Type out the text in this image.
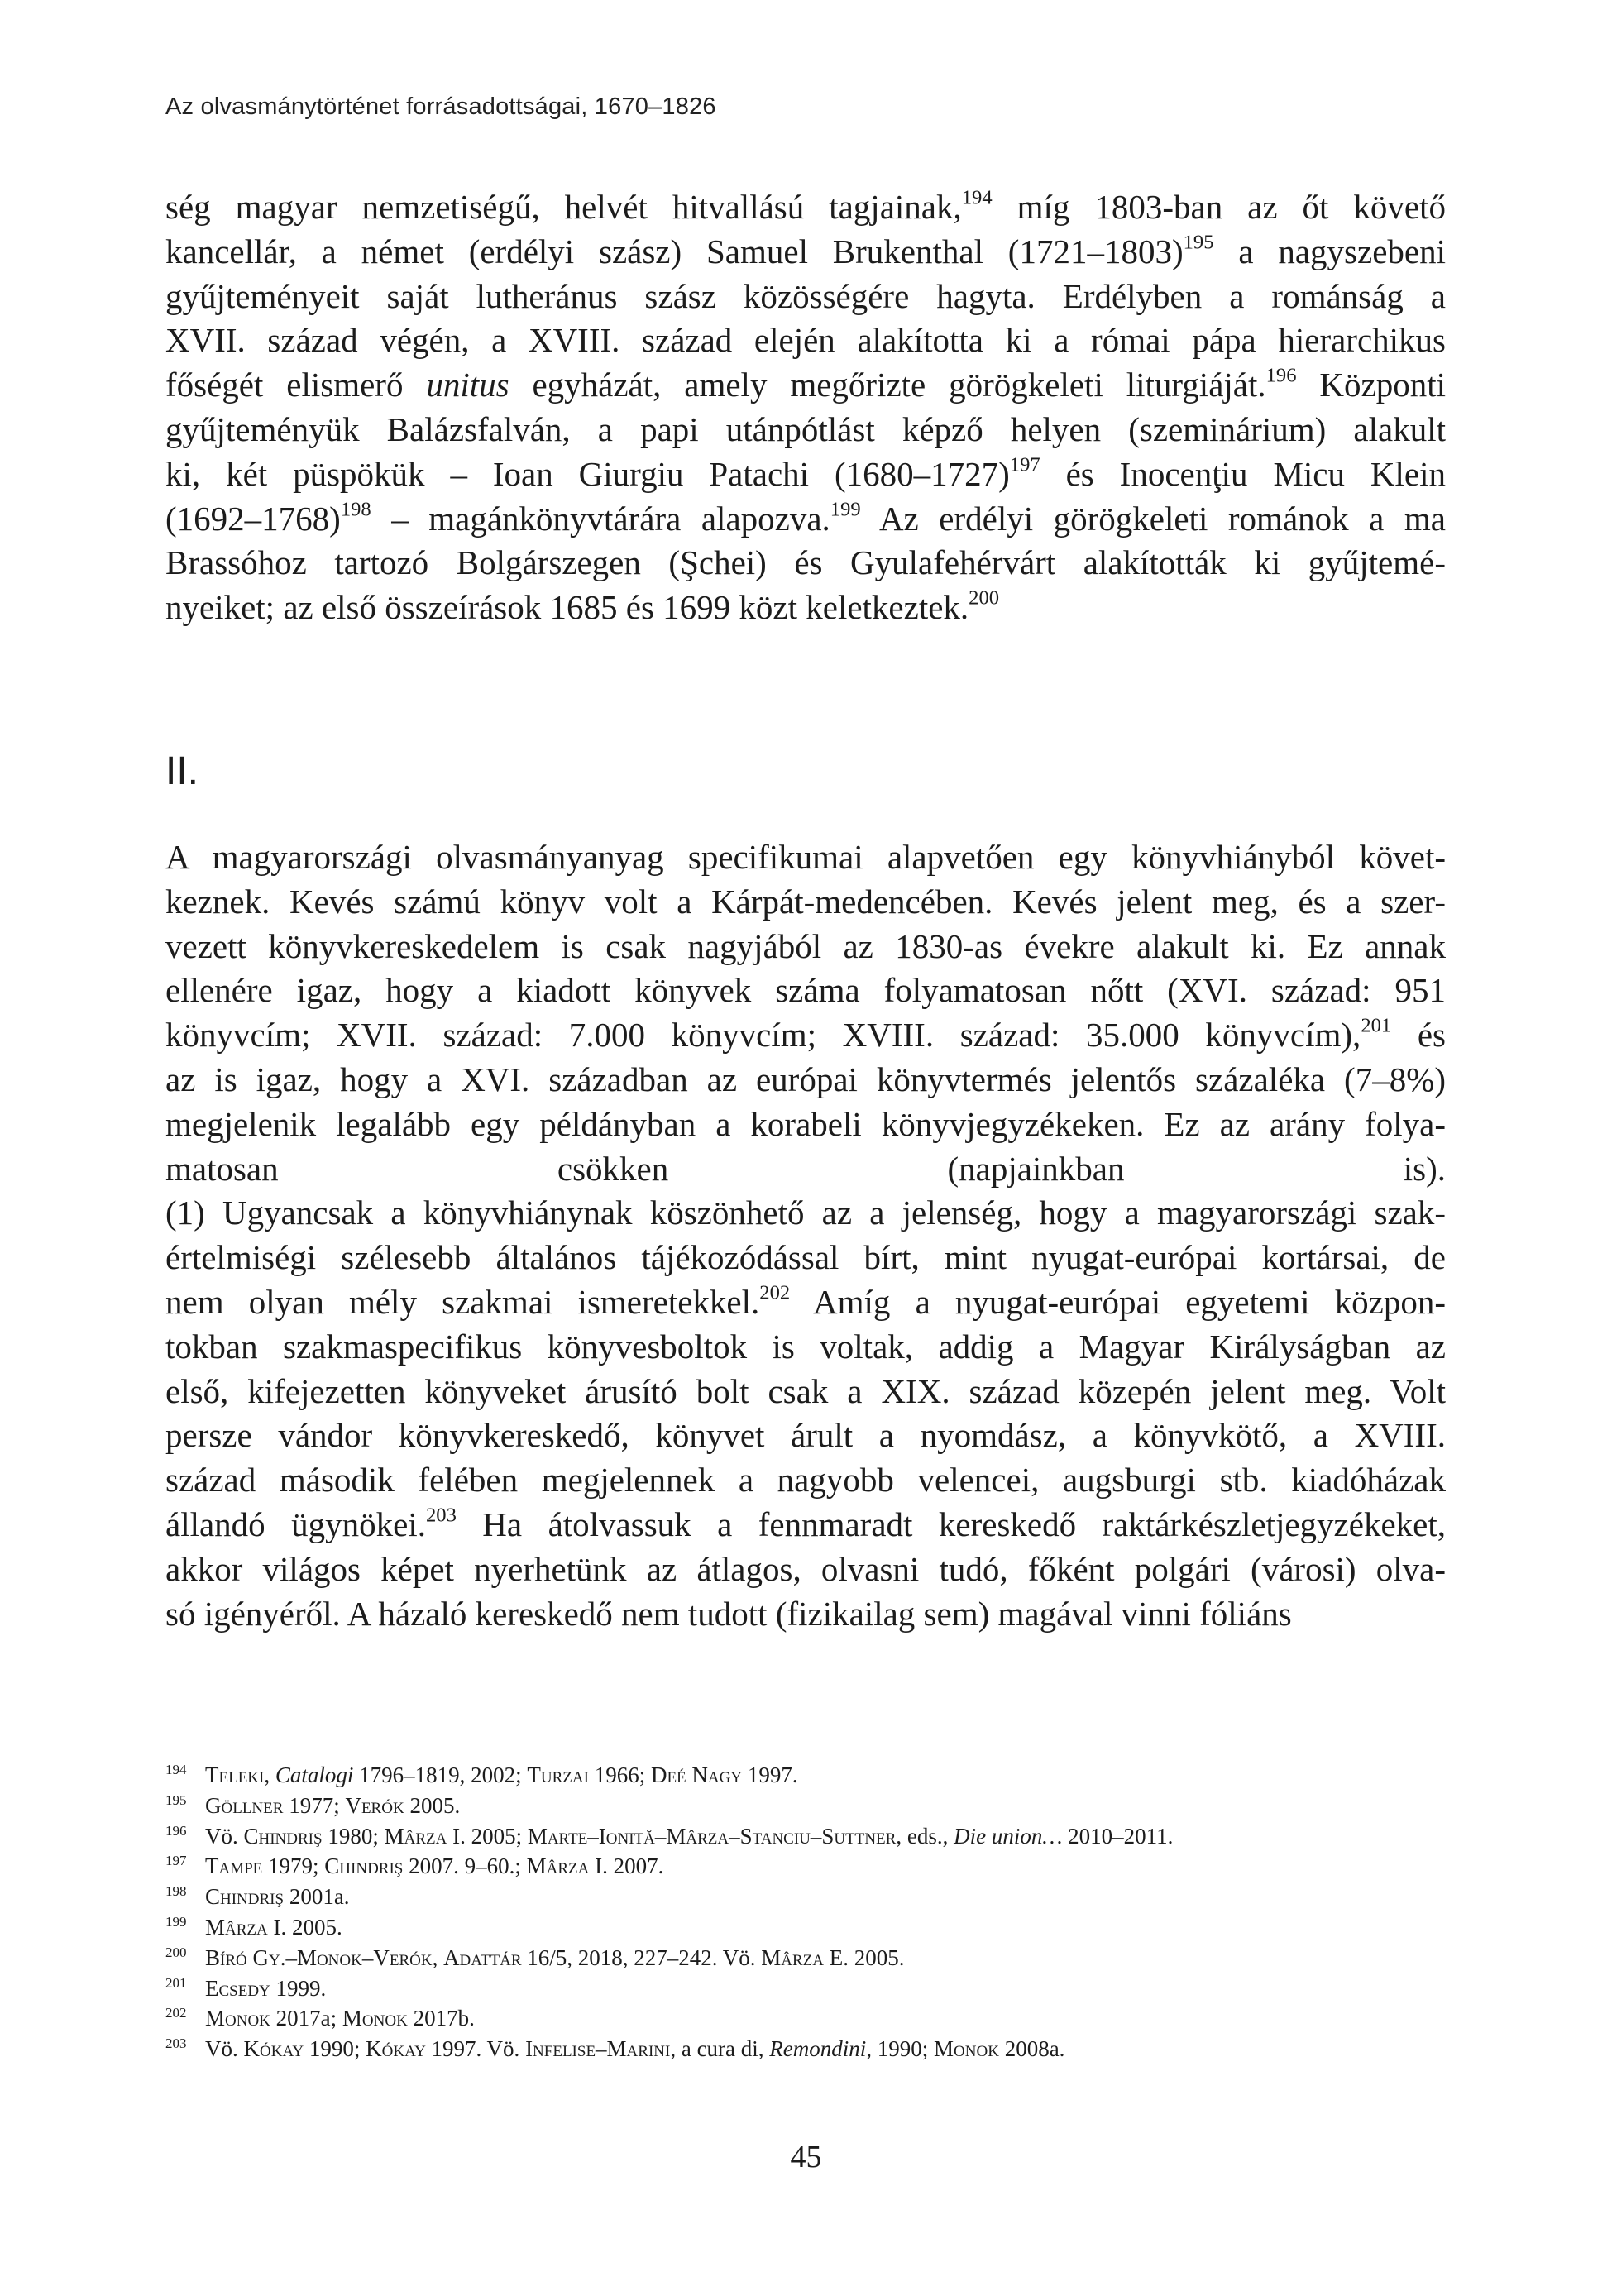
Az olvasmánytörténet forrásadottságai, 1670–1826
ség magyar nemzetiségű, helvét hitvallású tagjainak,$^{194}$ míg 1803-ban az őt követő
kancellár, a német (erdélyi szász) Samuel Brukenthal (1721–1803)$^{195}$ a nagyszebeni
gyűjteményeit saját lutheránus szász közösségére hagyta. Erdélyben a románság a
XVII. század végén, a XVIII. század elején alakította ki a római pápa hierarchikus
főségét elismerő unitus egyházát, amely megőrizte görögkeleti liturgiáját.$^{196}$ Központi
gyűjteményük Balázsfalván, a papi utánpótlást képző helyen (szeminárium) alakult
ki, két püspökük – Ioan Giurgiu Patachi (1680–1727)$^{197}$ és Inocenţiu Micu Klein
(1692–1768)$^{198}$ – magánkönyvtárára alapozva.$^{199}$ Az erdélyi görögkeleti románok a ma
Brassóhoz tartozó Bolgárszegen (Şchei) és Gyulafehérvárt alakították ki gyűjtemé-
nyeiket; az első összeírások 1685 és 1699 közt keletkeztek.$^{200}$
II.
A magyarországi olvasmányanyag specifikumai alapvetően egy könyvhiányból követ-
keznek. Kevés számú könyv volt a Kárpát-medencében. Kevés jelent meg, és a szer-
vezett könyvkereskedelem is csak nagyjából az 1830-as évekre alakult ki. Ez annak
ellenére igaz, hogy a kiadott könyvek száma folyamatosan nőtt (XVI. század: 951
könyvcím; XVII. század: 7.000 könyvcím; XVIII. század: 35.000 könyvcím),$^{201}$ és
az is igaz, hogy a XVI. században az európai könyvtermés jelentős százaléka (7–8%)
megjelenik legalább egy példányban a korabeli könyvjegyzékeken. Ez az arány folya-
matosan csökken (napjainkban is).
(1) Ugyancsak a könyvhiánynak köszönhető az a jelenség, hogy a magyarországi szak-
értelmiségi szélesebb általános tájékozódással bírt, mint nyugat-európai kortársai, de
nem olyan mély szakmai ismeretekkel.$^{202}$ Amíg a nyugat-európai egyetemi közpon-
tokban szakmaspecifikus könyvesboltok is voltak, addig a Magyar Királyságban az
első, kifejezetten könyveket árusító bolt csak a XIX. század közepén jelent meg. Volt
persze vándor könyvkereskedő, könyvet árult a nyomdász, a könyvkötő, a XVIII.
század második felében megjelennek a nagyobb velencei, augsburgi stb. kiadóházak
állandó ügynökei.$^{203}$ Ha átolvassuk a fennmaradt kereskedő raktárkészletjegyzékeket,
akkor világos képet nyerhetünk az átlagos, olvasni tudó, főként polgári (városi) olva-
só igényéről. A házaló kereskedő nem tudott (fizikailag sem) magával vinni fóliáns
194 Teleki, Catalogi 1796–1819, 2002; Turzai 1966; Deé Nagy 1997.
195 Göllner 1977; Verók 2005.
196 Vö. Chindriş 1980; Mârza I. 2005; Marte–Ionită–Mârza–Stanciu–Suttner, eds., Die union… 2010–2011.
197 Tampe 1979; Chindriş 2007. 9–60.; Mârza I. 2007.
198 Chindriş 2001a.
199 Mârza I. 2005.
200 Bíró Gy.–Monok–Verók, Adattár 16/5, 2018, 227–242. Vö. Mârza E. 2005.
201 Ecsedy 1999.
202 Monok 2017a; Monok 2017b.
203 Vö. Kókay 1990; Kókay 1997. Vö. Infelise–Marini, a cura di, Remondini, 1990; Monok 2008a.
45
